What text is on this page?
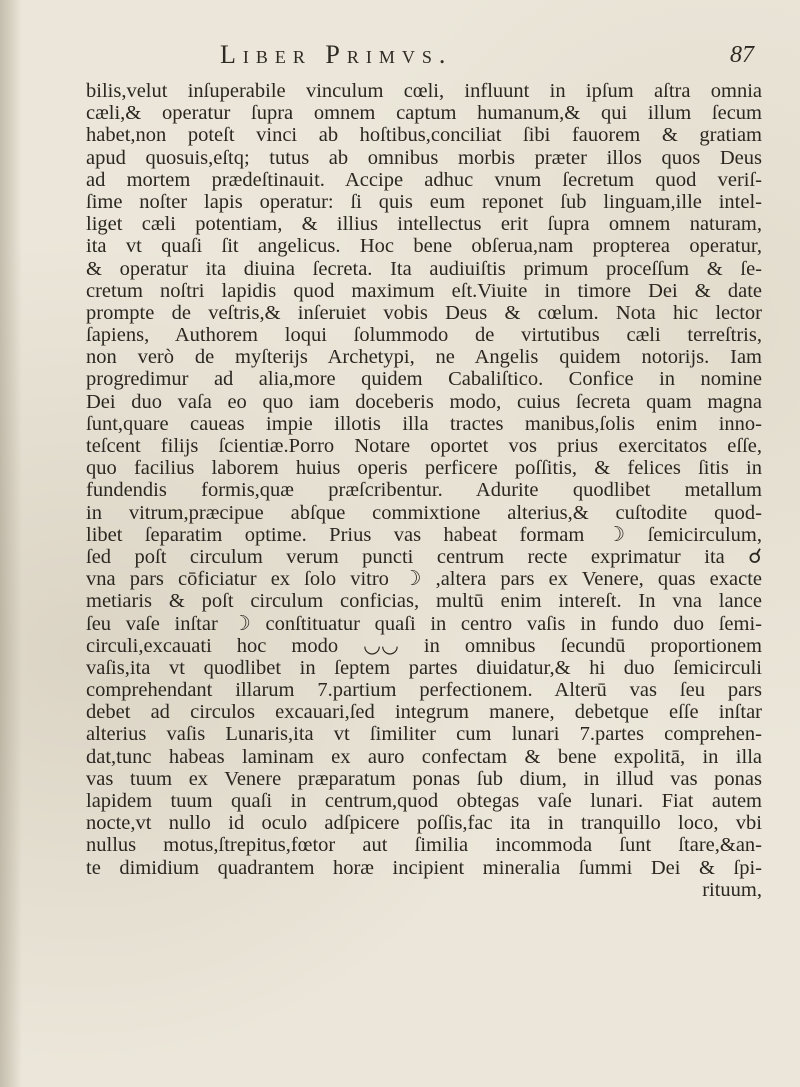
Liber Primvs.	87
bilis,velut inſuperabile vinculum cœli, influunt in ipſum aſtra omnia
cæli,& operatur ſupra omnem captum humanum,& qui illum ſecum
habet,non poteſt vinci ab hoſtibus,conciliat ſibi fauorem & gratiam
apud quosuis,eſtq; tutus ab omnibus morbis præter illos quos Deus
ad mortem prædeſtinauit. Accipe adhuc vnum ſecretum quod veriſ-
ſime noſter lapis operatur: ſi quis eum reponet ſub linguam,ille intel-
liget cæli potentiam, & illius intellectus erit ſupra omnem naturam,
ita vt quaſi ſit angelicus. Hoc bene obſerua,nam propterea operatur,
& operatur ita diuina ſecreta. Ita audiuiſtis primum proceſſum & ſe-
cretum noſtri lapidis quod maximum eſt.Viuite in timore Dei & date
prompte de veſtris,& inſeruiet vobis Deus & cœlum. Nota hic lector
ſapiens, Authorem loqui ſolummodo de virtutibus cæli terreſtris,
non verò de myſterijs Archetypi, ne Angelis quidem notorijs. Iam
progredimur ad alia,more quidem Cabaliſtico. Confice in nomine
Dei duo vaſa eo quo iam doceberis modo, cuius ſecreta quam magna
ſunt,quare caueas impie illotis illa tractes manibus,ſolis enim inno-
teſcent filijs ſcientiæ.Porro Notare oportet vos prius exercitatos eſſe,
quo facilius laborem huius operis perficere poſſitis, & felices ſitis in
fundendis formis,quæ præſcribentur. Adurite quodlibet metallum
in vitrum,præcipue abſque commixtione alterius,& cuſtodite quod-
libet ſeparatim optime. Prius vas habeat formam ☽ ſemicirculum,
ſed poſt circulum verum puncti centrum recte exprimatur ita ☌
vna pars cōficiatur ex ſolo vitro ☽ ,altera pars ex Venere, quas exacte
metiaris & poſt circulum conficias, multū enim intereſt. In vna lance
ſeu vaſe inſtar ☽ conſtituatur quaſi in centro vaſis in fundo duo ſemi-
circuli,excauati hoc modo ◡◡ in omnibus ſecundū proportionem
vaſis,ita vt quodlibet in ſeptem partes diuidatur,& hi duo ſemicirculi
comprehendant illarum 7.partium perfectionem. Alterū vas ſeu pars
debet ad circulos excauari,ſed integrum manere, debetque eſſe inſtar
alterius vaſis Lunaris,ita vt ſimiliter cum lunari 7.partes comprehen-
dat,tunc habeas laminam ex auro confectam & bene expolitā, in illa
vas tuum ex Venere præparatum ponas ſub dium, in illud vas ponas
lapidem tuum quaſi in centrum,quod obtegas vaſe lunari. Fiat autem
nocte,vt nullo id oculo adſpicere poſſis,fac ita in tranquillo loco, vbi
nullus motus,ſtrepitus,fœtor aut ſimilia incommoda ſunt ſtare,&an-
te dimidium quadrantem horæ incipient mineralia ſummi Dei & ſpi-
rituum,
